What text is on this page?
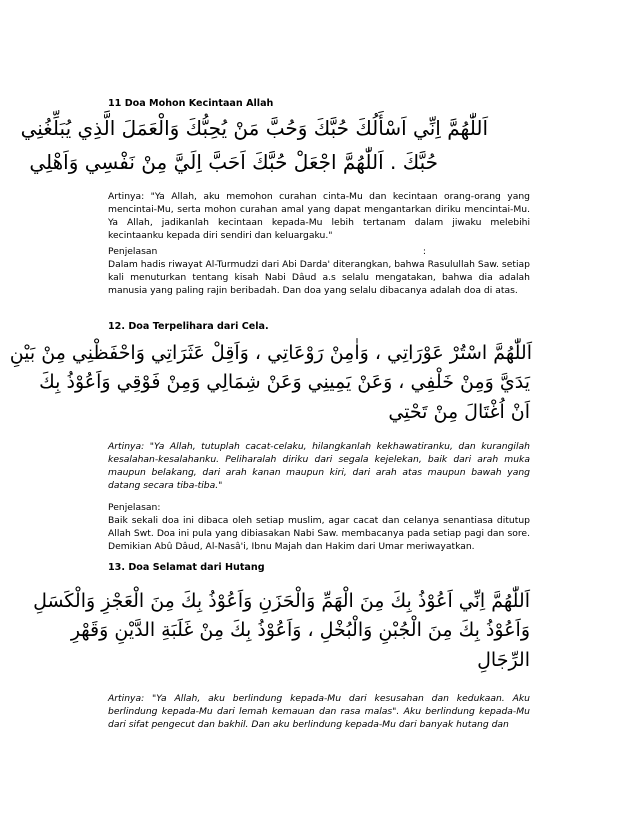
11 Doa Mohon Kecintaan Allah

اَللّٰهُمَّ اِنِّي اَسْأَلُكَ حُبَّكَ وَحُبَّ مَنْ يُحِبُّكَ وَالْعَمَلَ الَّذِي يُبَلِّغُنِي

حُبَّكَ . اَللّٰهُمَّ اجْعَلْ حُبَّكَ اَحَبَّ اِلَيَّ مِنْ نَفْسِي وَاَهْلِي

Artinya: "Ya Allah, aku memohon curahan cinta-Mu dan kecintaan orang-orang yang mencintai-Mu, serta mohon curahan amal yang dapat mengantarkan diriku mencintai-Mu. Ya Allah, jadikanlah kecintaan kepada-Mu lebih tertanam dalam jiwaku melebihi kecintaanku kepada diri sendiri dan keluargaku."

Penjelasan	:

Dalam hadis riwayat Al-Turmudzi dari Abi Darda' diterangkan, bahwa Rasulullah Saw. setiap kali menuturkan tentang kisah Nabi Dâud a.s selalu mengatakan, bahwa dia adalah manusia yang paling rajin beribadah. Dan doa yang selalu dibacanya adalah doa di atas.

12. Doa Terpelihara dari Cela.

اَللّٰهُمَّ اسْتُرْ عَوْرَاتِي ، وَاٰمِنْ رَوْعَاتِي ، وَاَقِلْ عَثَرَاتِي وَاحْفَظْنِي مِنْ بَيْنِ

يَدَيَّ وَمِنْ خَلْفِي ، وَعَنْ يَمِينِي وَعَنْ شِمَالِي وَمِنْ فَوْقِي وَاَعُوْذُ بِكَ

اَنْ اُغْتَالَ مِنْ تَحْتِي

Artinya: "Ya Allah, tutuplah cacat-celaku, hilangkanlah kekhawatiranku, dan kurangilah kesalahan-kesalahanku. Peliharalah diriku dari segala kejelekan, baik dari arah muka maupun belakang, dari arah kanan maupun kiri, dari arah atas maupun bawah yang datang secara tiba-tiba."

Penjelasan:

Baik sekali doa ini dibaca oleh setiap muslim, agar cacat dan celanya senantiasa ditutup Allah Swt. Doa ini pula yang dibiasakan Nabi Saw. membacanya pada setiap pagi dan sore. Demikian Abû Dâud, Al-Nasâ'i, Ibnu Majah dan Hakim dari Umar meriwayatkan.

13. Doa Selamat dari Hutang

اَللّٰهُمَّ اِنِّي اَعُوْذُ بِكَ مِنَ الْهَمِّ وَالْحَزَنِ وَاَعُوْذُ بِكَ مِنَ الْعَجْزِ وَالْكَسَلِ

وَاَعُوْذُ بِكَ مِنَ الْجُبْنِ وَالْبُخْلِ ، وَاَعُوْذُ بِكَ مِنْ غَلَبَةِ الدَّيْنِ وَقَهْرِ

الرِّجَالِ

Artinya: "Ya Allah, aku berlindung kepada-Mu dari kesusahan dan kedukaan. Aku berlindung kepada-Mu dari lemah kemauan dan rasa malas". Aku berlindung kepada-Mu dari sifat pengecut dan bakhil. Dan aku berlindung kepada-Mu dari banyak hutang dan
